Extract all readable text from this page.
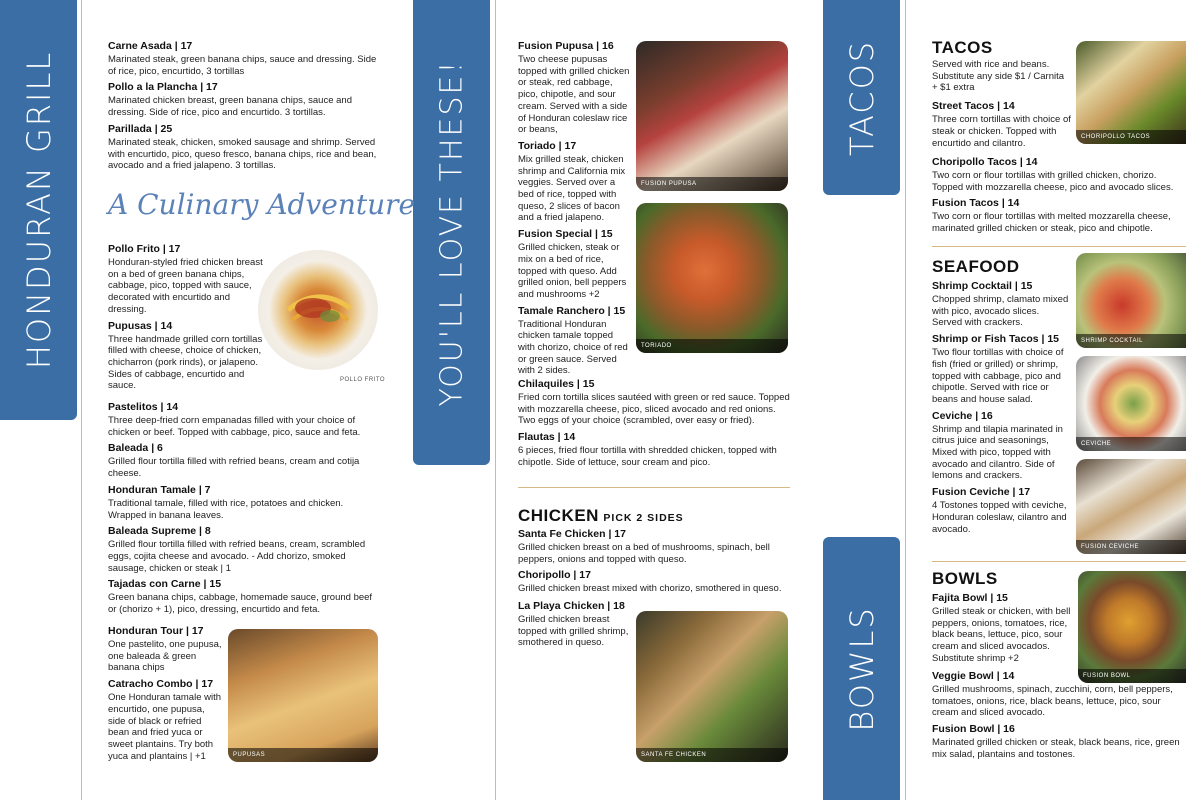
HONDURAN GRILL	YOU'LL LOVE THESE!	TACOS
BOWLS
Carne Asada | 17
Marinated steak, green banana chips, sauce and dressing. Side of rice, pico, encurtido, 3 tortillas
Pollo a la Plancha | 17
Marinated chicken breast, green banana chips, sauce and dressing. Side of rice, pico and encurtido. 3 tortillas.
Parillada | 25
Marinated steak, chicken, smoked sausage and shrimp. Served with encurtido, pico, queso fresco, banana chips, rice and bean, avocado and a fried jalapeno. 3 tortillas.
A Culinary Adventure
Pollo Frito | 17
Honduran-styled fried chicken breast on a bed of green banana chips, cabbage, pico, topped with sauce, decorated with encurtido and dressing.
Pupusas | 14
Three handmade grilled corn tortillas filled with cheese, choice of chicken, chicharron (pork rinds), or jalapeno. Sides of cabbage, encurtido and sauce.
POLLO FRITO
Pastelitos | 14
Three deep-fried corn empanadas filled with your choice of chicken or beef. Topped with cabbage, pico, sauce and feta.
Baleada | 6
Grilled flour tortilla filled with refried beans, cream and cotija cheese.
Honduran Tamale | 7
Traditional tamale, filled with rice, potatoes and chicken. Wrapped in banana leaves.
Baleada Supreme | 8
Grilled flour tortilla filled with refried beans, cream, scrambled eggs, cojita cheese and avocado. - Add chorizo, smoked sausage, chicken or steak | 1
Tajadas con Carne | 15
Green banana chips, cabbage, homemade sauce, ground beef or (chorizo + 1), pico, dressing, encurtido and feta.
Honduran Tour | 17
One pastelito, one pupusa, one baleada & green banana chips
Catracho Combo | 17
One Honduran tamale with encurtido, one pupusa, side of black or refried bean and fried yuca or sweet plantains. Try both yuca and plantains | +1	PUPUSAS
Fusion Pupusa | 16
Two cheese pupusas topped with grilled chicken or steak, red cabbage, pico, chipotle, and sour cream. Served with a side of Honduran coleslaw rice or beans,
Toriado | 17
Mix grilled steak, chicken shrimp and California mix veggies. Served over a bed of rice, topped with queso, 2 slices of bacon and a fried jalapeno.
Fusion Special | 15
Grilled chicken, steak or mix on a bed of rice, topped with queso. Add grilled onion, bell peppers and mushrooms +2
Tamale Ranchero | 15
Traditional Honduran chicken tamale topped with chorizo, choice of red or green sauce. Served with 2 sides.
FUSION PUPUSA
TORIADO
Chilaquiles | 15
Fried corn tortilla slices sautéed with green or red sauce. Topped with mozzarella cheese, pico, sliced avocado and red onions. Two eggs of your choice (scrambled, over easy or fried).
Flautas | 14
6 pieces, fried flour tortilla with shredded chicken, topped with chipotle. Side of lettuce, sour cream and pico.
CHICKEN PICK 2 SIDES
Santa Fe Chicken | 17
Grilled chicken breast on a bed of mushrooms, spinach, bell peppers, onions and topped with queso.
Choripollo | 17
Grilled chicken breast mixed with chorizo, smothered in queso.
La Playa Chicken | 18
Grilled chicken breast topped with grilled shrimp, smothered in queso.
SANTA FE CHICKEN
TACOS
Served with rice and beans. Substitute any side $1 / Carnita + $1 extra
Street Tacos | 14
Three corn tortillas with choice of steak or chicken. Topped with encurtido and cilantro.
CHORIPOLLO TACOS
Choripollo Tacos | 14
Two corn or flour tortillas with grilled chicken, chorizo. Topped with mozzarella cheese, pico and avocado slices.
Fusion Tacos | 14
Two corn or flour tortillas with melted mozzarella cheese, marinated grilled chicken or steak, pico and chipotle.
SEAFOOD
Shrimp Cocktail | 15
Chopped shrimp, clamato mixed with pico, avocado slices. Served with crackers.
Shrimp or Fish Tacos | 15
Two flour tortillas with choice of fish (fried or grilled) or shrimp, topped with cabbage, pico and chipotle. Served with rice or beans and house salad.
Ceviche | 16
Shrimp and tilapia marinated in citrus juice and seasonings, Mixed with pico, topped with avocado and cilantro. Side of lemons and crackers.
Fusion Ceviche | 17
4 Tostones topped with ceviche, Honduran coleslaw, cilantro and avocado.
SHRIMP COCKTAIL
CEVICHE
FUSION CEVICHE
BOWLS
Fajita Bowl | 15
Grilled steak or chicken, with bell peppers, onions, tomatoes, rice, black beans, lettuce, pico, sour cream and sliced avocados. Substitute shrimp +2
FUSION BOWL
Veggie Bowl | 14
Grilled mushrooms, spinach, zucchini, corn, bell peppers, tomatoes, onions, rice, black beans, lettuce, pico, sour cream and sliced avocado.
Fusion Bowl | 16
Marinated grilled chicken or steak, black beans, rice, green mix salad, plantains and tostones.
